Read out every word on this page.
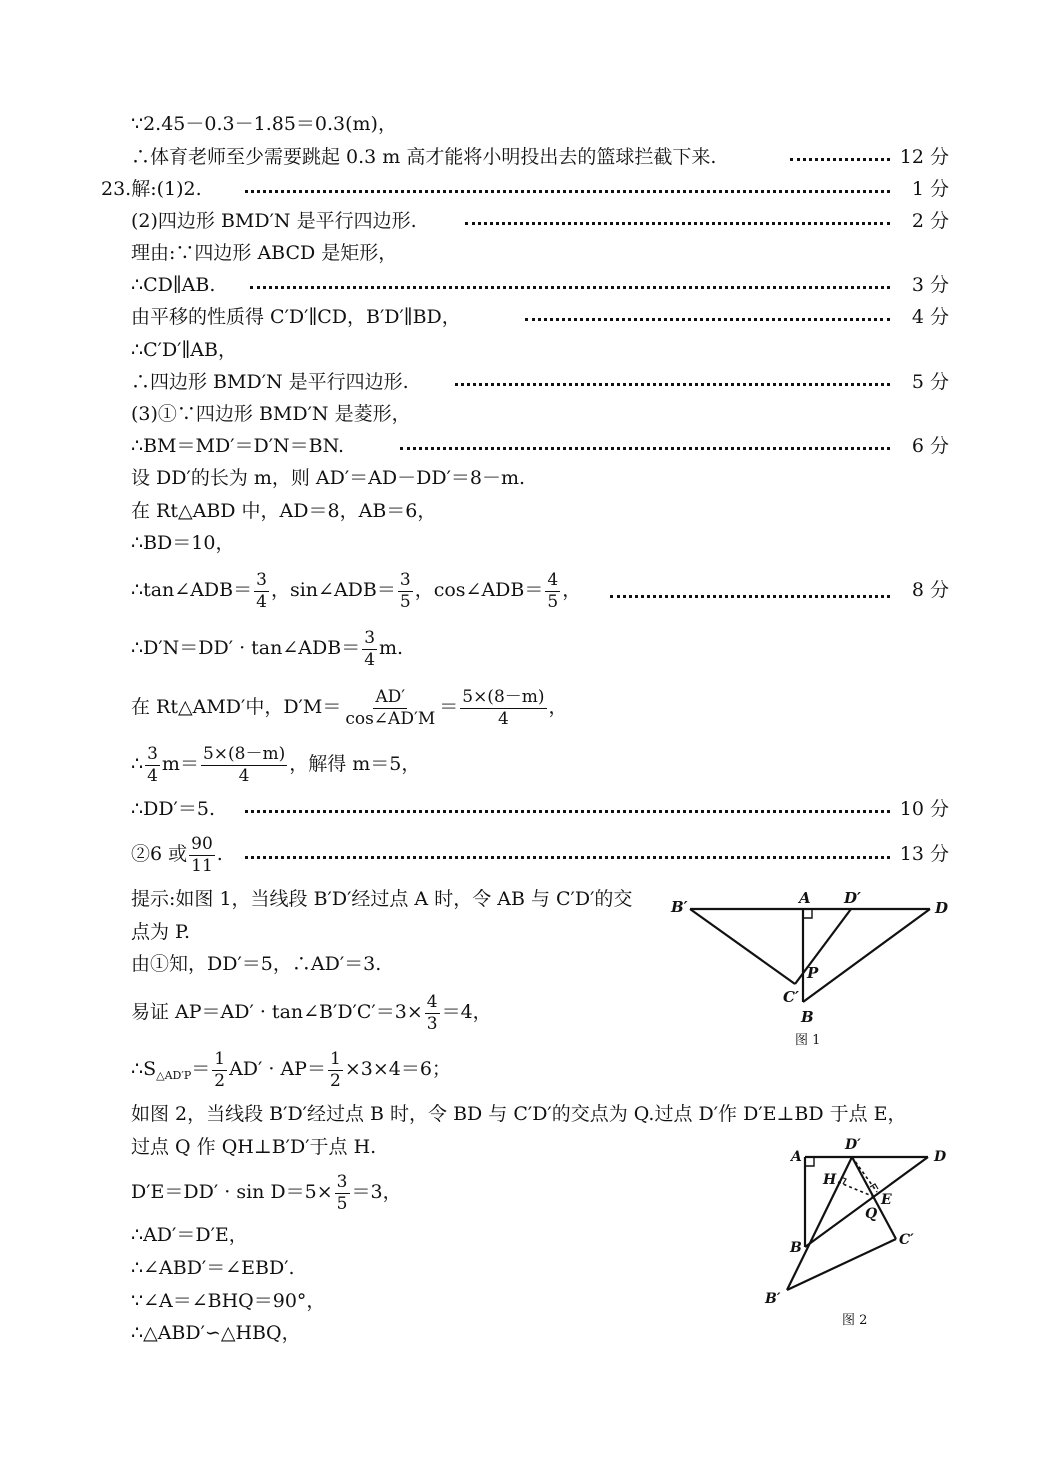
∵2.45－0.3－1.85＝0.3(m)，
∴体育老师至少需要跳起 0.3 m 高才能将小明投出去的篮球拦截下来.	12 分
23.解:(1)2.	1 分
(2)四边形 BMD′N 是平行四边形.	2 分
理由:∵四边形 ABCD 是矩形，
∴CD∥AB.	3 分
由平移的性质得 C′D′∥CD，B′D′∥BD，	4 分
∴C′D′∥AB，
∴四边形 BMD′N 是平行四边形.	5 分
(3)①∵四边形 BMD′N 是菱形，
∴BM＝MD′＝D′N＝BN.	6 分
设 DD′的长为 m，则 AD′＝AD－DD′＝8－m.
在 Rt△ABD 中，AD＝8，AB＝6，
∴BD＝10，
∴tan∠ADB＝ $\frac{3}{4}$ ，sin∠ADB＝ $\frac{3}{5}$ ，cos∠ADB＝ $\frac{4}{5}$ ，	8 分
∴D′N＝DD′ · tan∠ADB＝ $\frac{3}{4} m$.
在 Rt△AMD′中，$D'M= \frac{AD'}{\cos\angle AD'M} = \frac{5\times(8-m)}{4}$ ，
∴ $\frac{3}{4} m= \frac{5\times(8-m)}{4}$ ，解得 m＝5，
∴DD′＝5.	10 分
②6 或 $\frac{90}{11}$ .	13 分
提示:如图 1，当线段 B′D′经过点 A 时，令 AB 与 C′D′的交
点为 P.
由①知，DD′＝5，∴AD′＝3.
易证 AP＝AD′ · tan∠B′D′C′＝3× $\frac{4}{3} =4$，
$\therefore S_{\triangle AD'P}= \frac{1}{2} AD' \cdot AP= \frac{1}{2} \times 3\times 4=6$；
如图 2，当线段 B′D′经过点 B 时，令 BD 与 C′D′的交点为 Q.过点 D′作 D′E⊥BD 于点 E，
过点 Q 作 QH⊥B′D′于点 H.
$D'E=DD' \cdot \sin D=5\times \frac{3}{5} =3$，
∴AD′＝D′E，
∴∠ABD′＝∠EBD′.
∵∠A＝∠BHQ＝90°，
∴△ABD′∽△HBQ，
B′	A D′
D
P
C′
B
图 1
A
D′
D
H
E
Q
B	C′
B′
图 2
